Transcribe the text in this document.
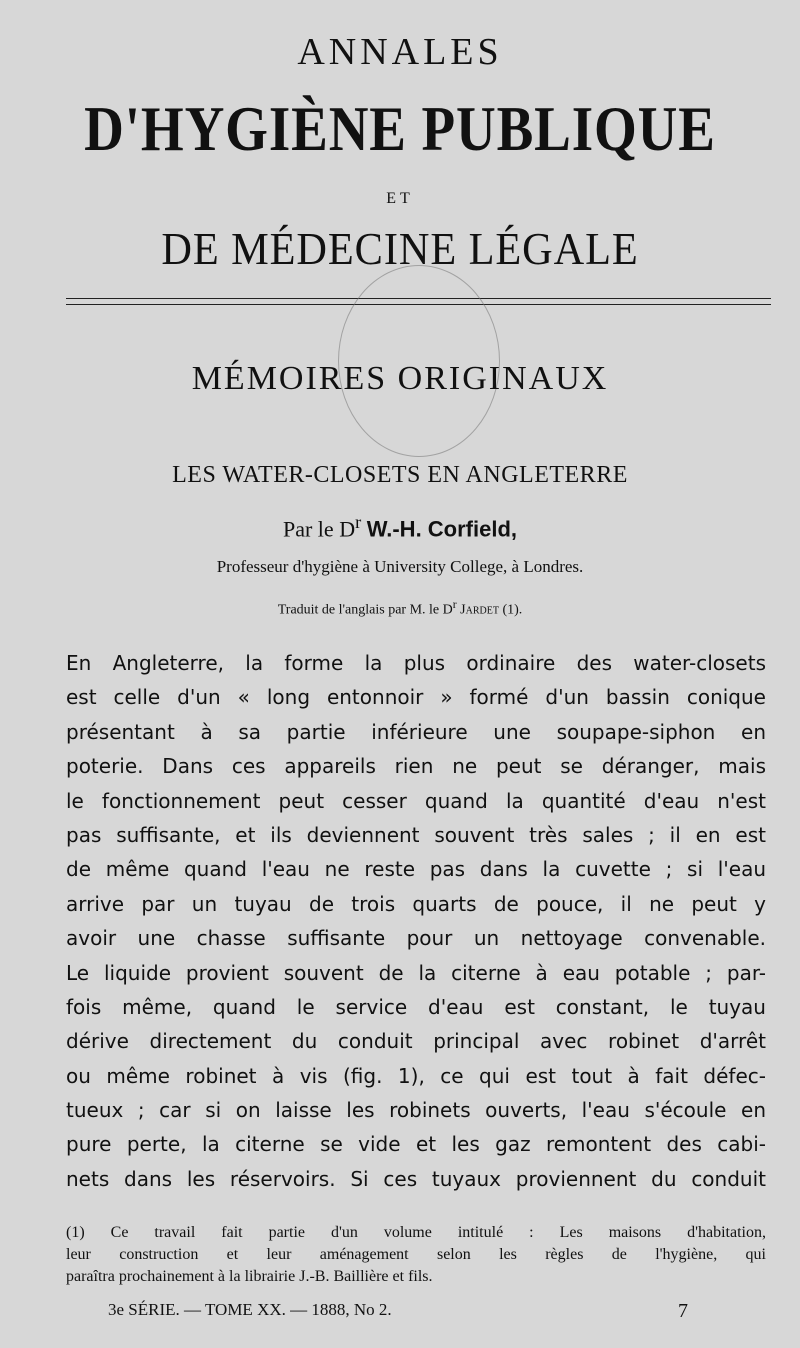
ANNALES
D'HYGIÈNE PUBLIQUE
ET
DE MÉDECINE LÉGALE
MÉMOIRES ORIGINAUX
LES WATER-CLOSETS EN ANGLETERRE
Par le $D^r$ W.-H. Corfield,
Professeur d'hygiène à University College, à Londres.
Traduit de l'anglais par M. le $D^r$ Jardet (1).
En Angleterre, la forme la plus ordinaire des water-closets
est celle d'un « long entonnoir » formé d'un bassin conique
présentant à sa partie inférieure une soupape-siphon en
poterie. Dans ces appareils rien ne peut se déranger, mais
le fonctionnement peut cesser quand la quantité d'eau n'est
pas suffisante, et ils deviennent souvent très sales ; il en est
de même quand l'eau ne reste pas dans la cuvette ; si l'eau
arrive par un tuyau de trois quarts de pouce, il ne peut y
avoir une chasse suffisante pour un nettoyage convenable.
Le liquide provient souvent de la citerne à eau potable ; par-
fois même, quand le service d'eau est constant, le tuyau
dérive directement du conduit principal avec robinet d'arrêt
ou même robinet à vis (fig. 1), ce qui est tout à fait défec-
tueux ; car si on laisse les robinets ouverts, l'eau s'écoule en
pure perte, la citerne se vide et les gaz remontent des cabi-
nets dans les réservoirs. Si ces tuyaux proviennent du conduit
(1) Ce travail fait partie d'un volume intitulé : Les maisons d'habitation,
leur construction et leur aménagement selon les règles de l'hygiène, qui
paraîtra prochainement à la librairie J.-B. Baillière et fils.
3e SÉRIE. — TOME XX. — 1888, No 2.	7
